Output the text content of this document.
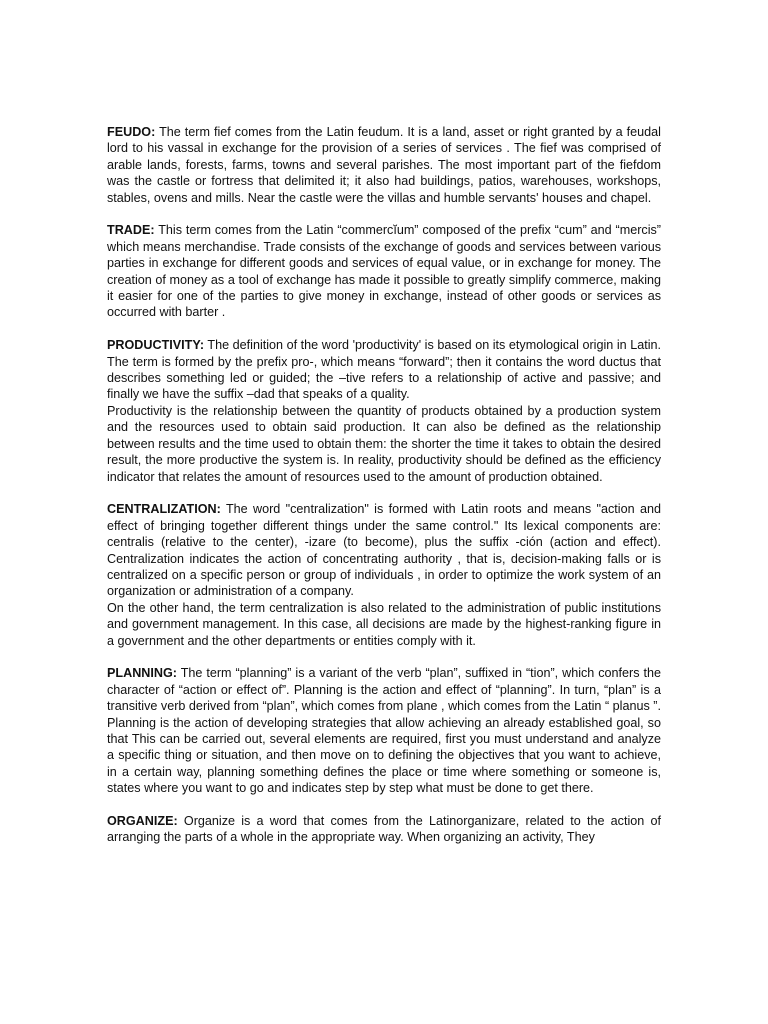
FEUDO: The term fief comes from the Latin feudum. It is a land, asset or right granted by a feudal lord to his vassal in exchange for the provision of a series of services . The fief was comprised of arable lands, forests, farms, towns and several parishes. The most important part of the fiefdom was the castle or fortress that delimited it; it also had buildings, patios, warehouses, workshops, stables, ovens and mills. Near the castle were the villas and humble servants' houses and chapel.

TRADE: This term comes from the Latin “commercĭum” composed of the prefix “cum” and “mercis” which means merchandise. Trade consists of the exchange of goods and services between various parties in exchange for different goods and services of equal value, or in exchange for money. The creation of money as a tool of exchange has made it possible to greatly simplify commerce, making it easier for one of the parties to give money in exchange, instead of other goods or services as occurred with barter .

PRODUCTIVITY: The definition of the word 'productivity' is based on its etymological origin in Latin. The term is formed by the prefix pro-, which means “forward”; then it contains the word ductus that describes something led or guided; the –tive refers to a relationship of active and passive; and finally we have the suffix –dad that speaks of a quality.

Productivity is the relationship between the quantity of products obtained by a production system and the resources used to obtain said production. It can also be defined as the relationship between results and the time used to obtain them: the shorter the time it takes to obtain the desired result, the more productive the system is. In reality, productivity should be defined as the efficiency indicator that relates the amount of resources used to the amount of production obtained.

CENTRALIZATION: The word "centralization" is formed with Latin roots and means "action and effect of bringing together different things under the same control." Its lexical components are: centralis (relative to the center), -izare (to become), plus the suffix -ción (action and effect). Centralization indicates the action of concentrating authority , that is, decision-making falls or is centralized on a specific person or group of individuals , in order to optimize the work system of an organization or administration of a company.

On the other hand, the term centralization is also related to the administration of public institutions and government management. In this case, all decisions are made by the highest-ranking figure in a government and the other departments or entities comply with it.

PLANNING: The term “planning” is a variant of the verb “plan”, suffixed in “tion”, which confers the character of “action or effect of”. Planning is the action and effect of “planning”. In turn, “plan” is a transitive verb derived from “plan”, which comes from plane , which comes from the Latin “ planus ”. Planning is the action of developing strategies that allow achieving an already established goal, so that This can be carried out, several elements are required, first you must understand and analyze a specific thing or situation, and then move on to defining the objectives that you want to achieve, in a certain way, planning something defines the place or time where something or someone is, states where you want to go and indicates step by step what must be done to get there.

ORGANIZE: Organize is a word that comes from the Latinorganizare, related to the action of arranging the parts of a whole in the appropriate way. When organizing an activity, They
